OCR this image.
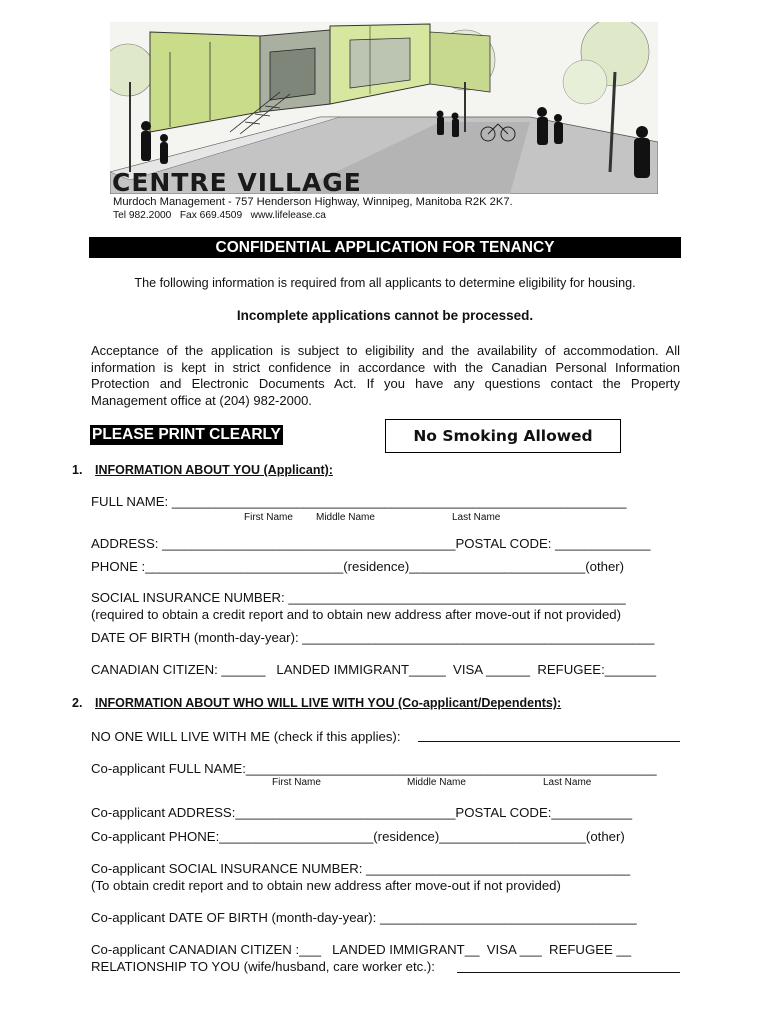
CENTRE VILLAGE
Murdoch Management - 757 Henderson Highway, Winnipeg, Manitoba R2K 2K7.
Tel 982.2000   Fax 669.4509   www.lifelease.ca
CONFIDENTIAL APPLICATION FOR TENANCY
The following information is required from all applicants to determine eligibility for housing.
Incomplete applications cannot be processed.
Acceptance of the application is subject to eligibility and the availability of accommodation. All information is kept in strict confidence in accordance with the Canadian Personal Information Protection and Electronic Documents Act. If you have any questions contact the Property Management office at (204) 982-2000.
PLEASE PRINT CLEARLY	No Smoking Allowed
1. INFORMATION ABOUT YOU (Applicant):
FULL NAME: ______________________________________________________________
First Name Middle Name	Last Name
ADDRESS: ________________________________________POSTAL CODE: _____________
PHONE :___________________________(residence)________________________(other)
SOCIAL INSURANCE NUMBER: ______________________________________________
(required to obtain a credit report and to obtain new address after move-out if not provided)
DATE OF BIRTH (month-day-year): ________________________________________________
CANADIAN CITIZEN: ______   LANDED IMMIGRANT_____  VISA ______  REFUGEE:_______
2. INFORMATION ABOUT WHO WILL LIVE WITH YOU (Co-applicant/Dependents):
NO ONE WILL LIVE WITH ME (check if this applies):
Co-applicant FULL NAME:________________________________________________________
First Name	Middle Name	Last Name
Co-applicant ADDRESS:______________________________POSTAL CODE:___________
Co-applicant PHONE:_____________________(residence)____________________(other)
Co-applicant SOCIAL INSURANCE NUMBER: ____________________________________
(To obtain credit report and to obtain new address after move-out if not provided)
Co-applicant DATE OF BIRTH (month-day-year): ___________________________________
Co-applicant CANADIAN CITIZEN :___   LANDED IMMIGRANT__  VISA ___  REFUGEE __
RELATIONSHIP TO YOU (wife/husband, care worker etc.):
